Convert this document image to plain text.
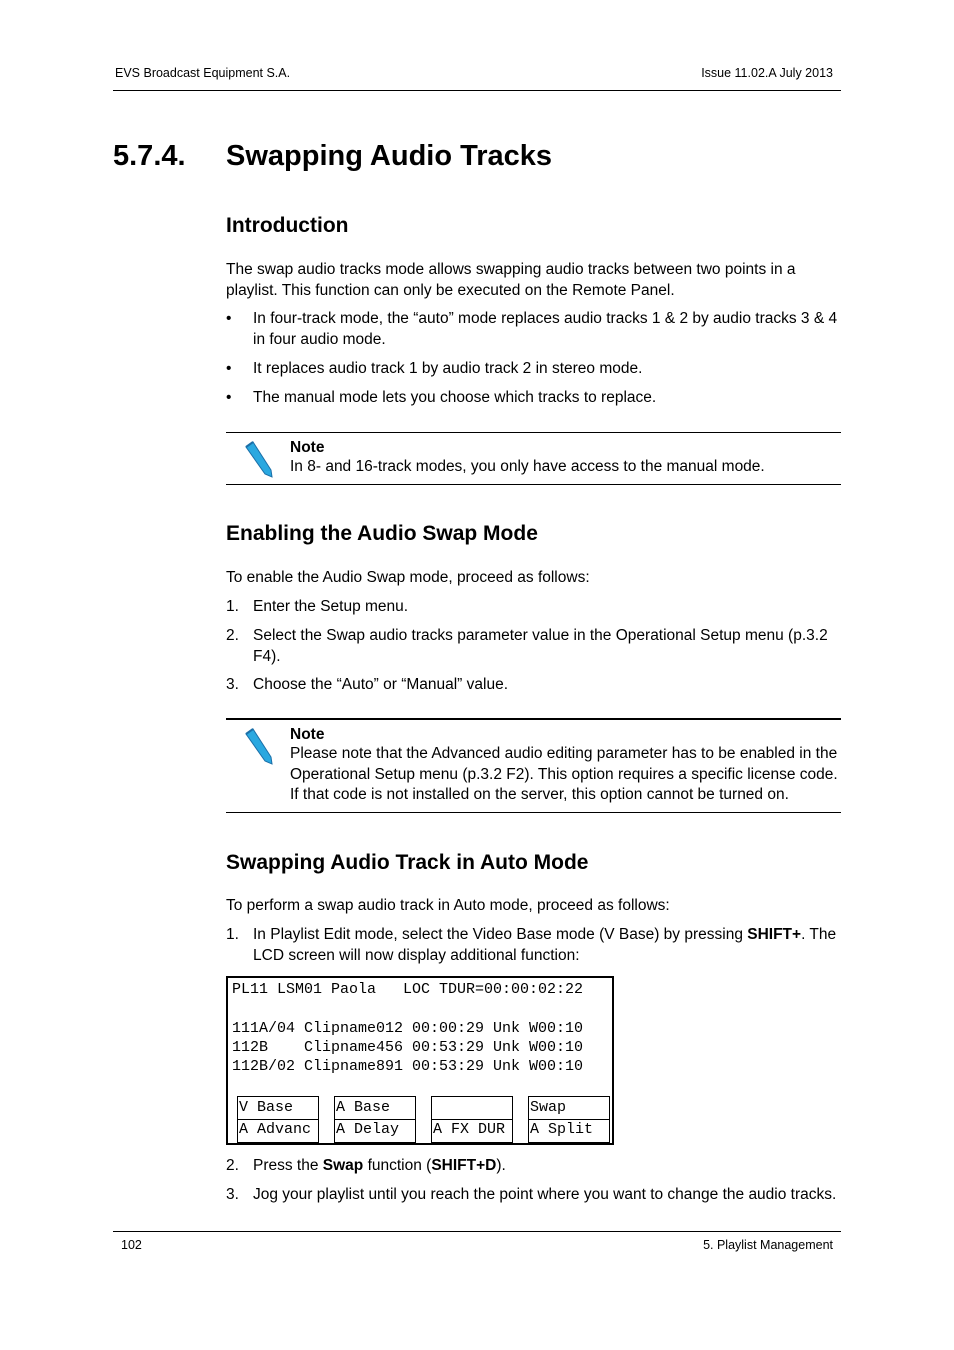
EVS Broadcast Equipment S.A.	Issue 11.02.A July 2013
5.7.4. Swapping Audio Tracks
Introduction

The swap audio tracks mode allows swapping audio tracks between two points in a playlist. This function can only be executed on the Remote Panel.

• In four-track mode, the “auto” mode replaces audio tracks 1 & 2 by audio tracks 3 & 4 in four audio mode.
• It replaces audio track 1 by audio track 2 in stereo mode.
• The manual mode lets you choose which tracks to replace.
Note
In 8- and 16-track modes, you only have access to the manual mode.
Enabling the Audio Swap Mode

To enable the Audio Swap mode, proceed as follows:

1. Enter the Setup menu.
2. Select the Swap audio tracks parameter value in the Operational Setup menu (p.3.2 F4).
3. Choose the “Auto” or “Manual” value.
Note
Please note that the Advanced audio editing parameter has to be enabled in the Operational Setup menu (p.3.2 F2). This option requires a specific license code. If that code is not installed on the server, this option cannot be turned on.
Swapping Audio Track in Auto Mode

To perform a swap audio track in Auto mode, proceed as follows:

1. In Playlist Edit mode, select the Video Base mode (V Base) by pressing SHIFT+. The LCD screen will now display additional function:
PL11 LSM01 Paola   LOC TDUR=00:00:02:22
111A/04 Clipname012 00:00:29 Unk W00:10
112B    Clipname456 00:53:29 Unk W00:10
112B/02 Clipname891 00:53:29 Unk W00:10
V Base
A Advanc
A Base
A Delay A FX DUR
Swap
A Split
2. Press the Swap function (SHIFT+D).
3. Jog your playlist until you reach the point where you want to change the audio tracks.
102	5. Playlist Management
